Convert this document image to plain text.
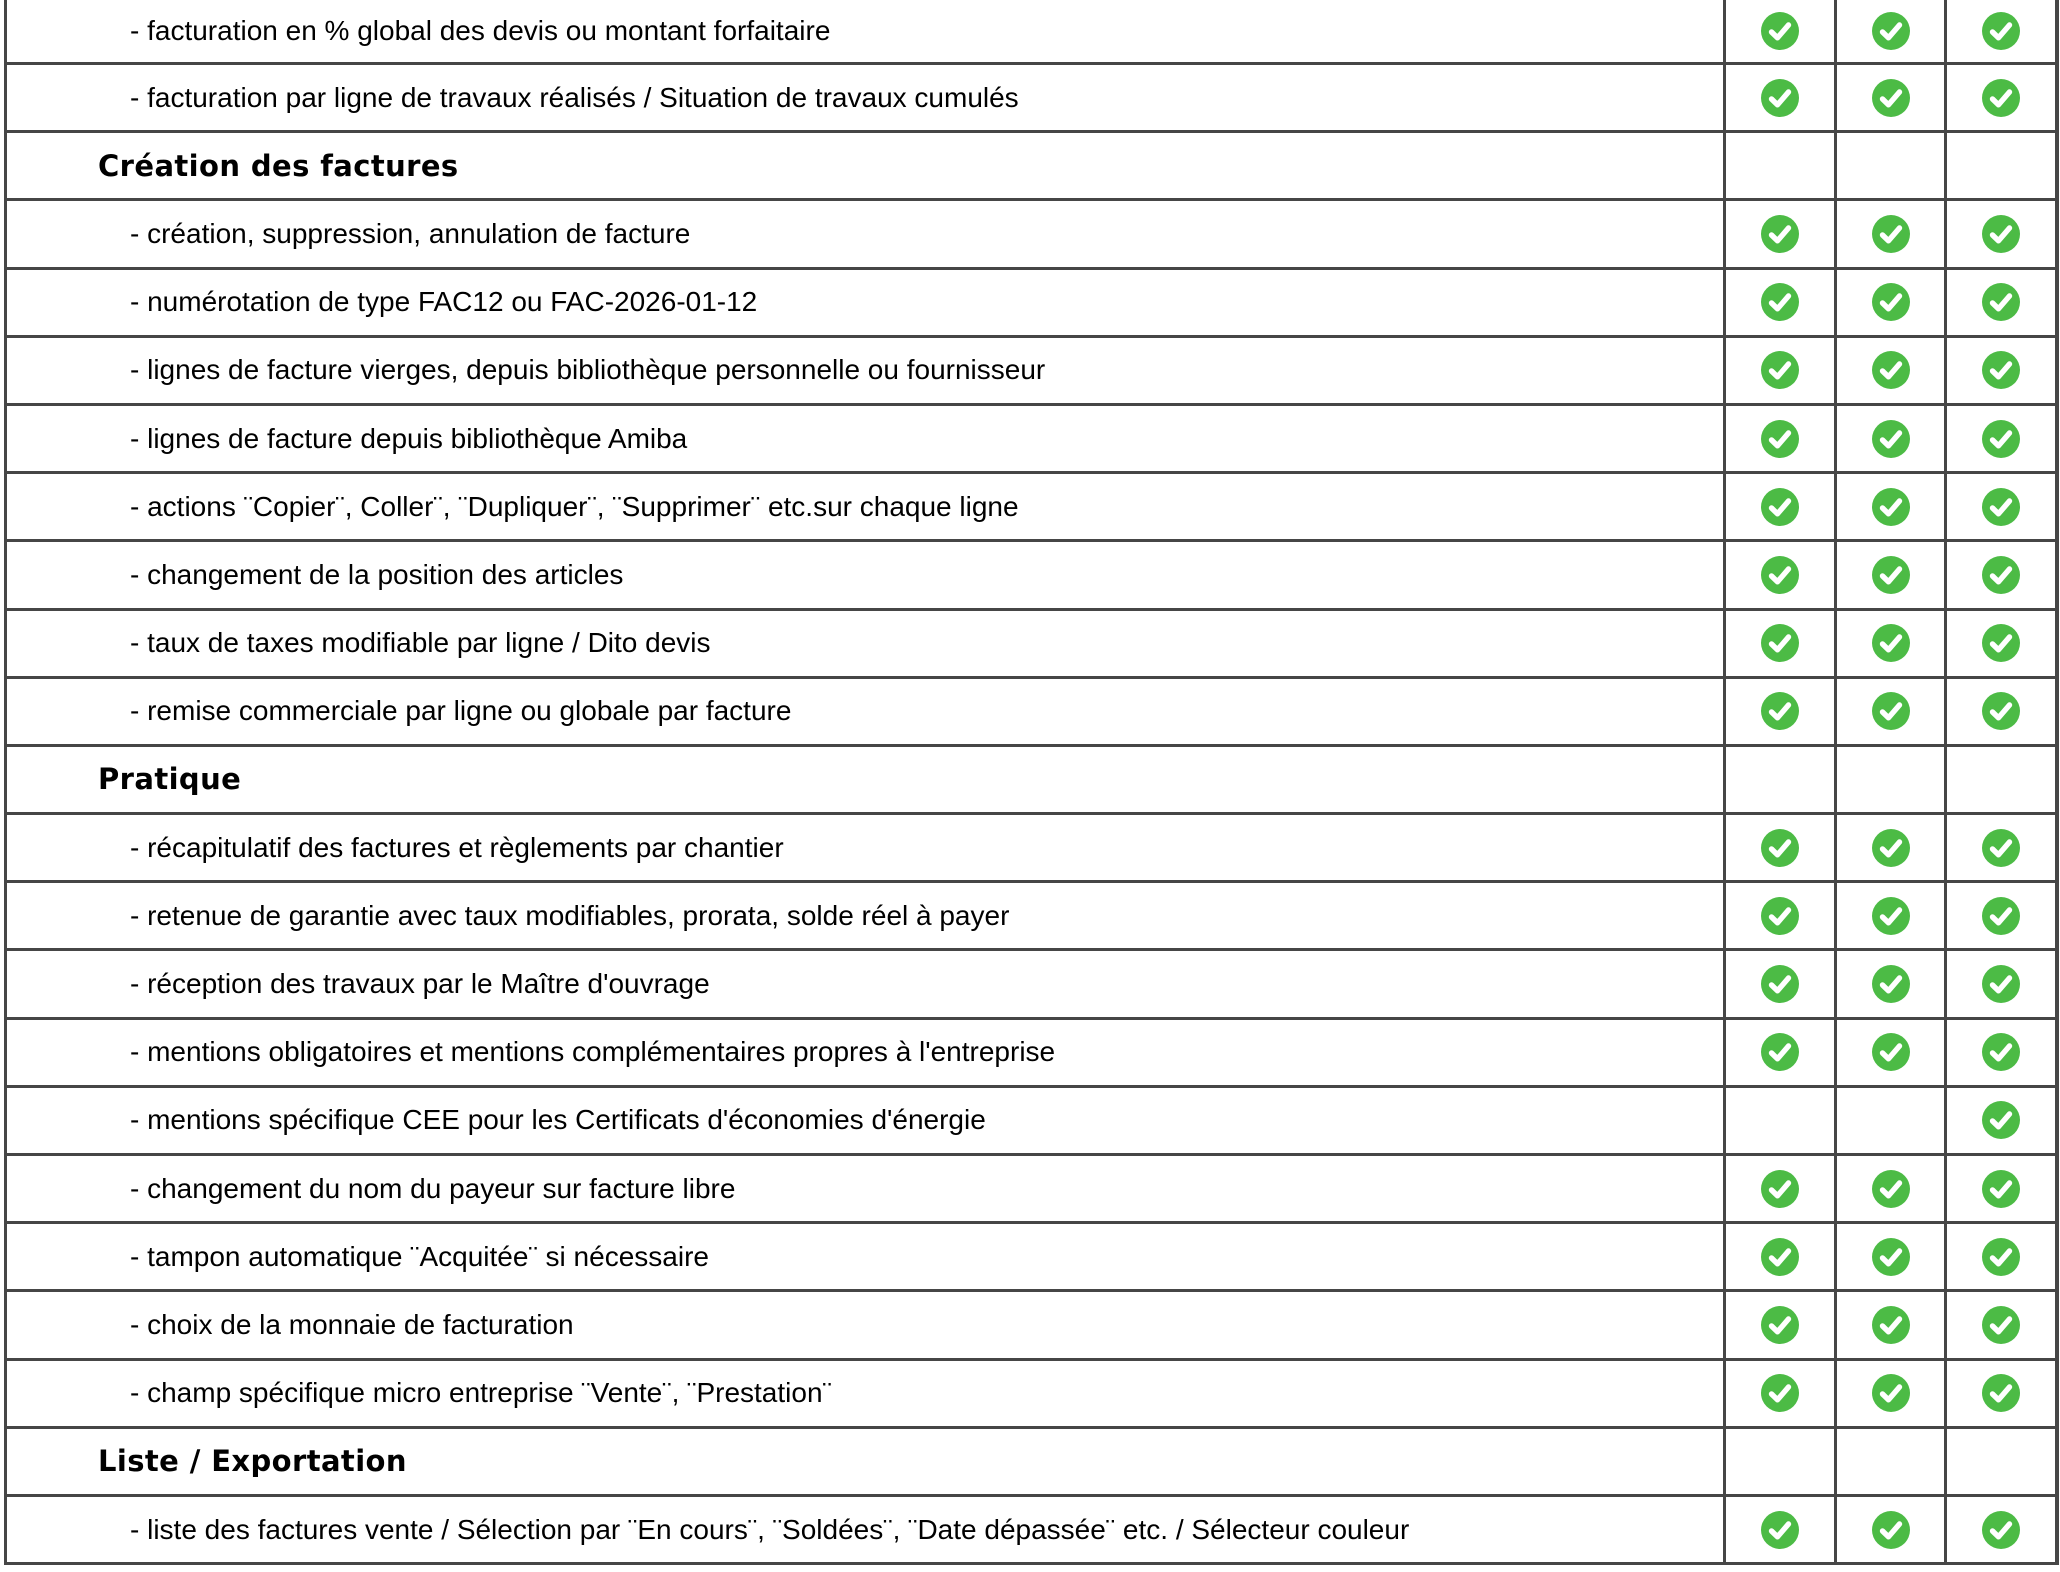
- facturation en % global des devis ou montant forfaitaire
- facturation par ligne de travaux réalisés / Situation de travaux cumulés
Création des factures
- création, suppression, annulation de facture
- numérotation de type FAC12 ou FAC-2026-01-12
- lignes de facture vierges, depuis bibliothèque personnelle ou fournisseur
- lignes de facture depuis bibliothèque Amiba
- actions ¨Copier¨, Coller¨, ¨Dupliquer¨, ¨Supprimer¨ etc.sur chaque ligne
- changement de la position des articles
- taux de taxes modifiable par ligne / Dito devis
- remise commerciale par ligne ou globale par facture
Pratique
- récapitulatif des factures et règlements par chantier
- retenue de garantie avec taux modifiables, prorata, solde réel à payer
- réception des travaux par le Maître d'ouvrage
- mentions obligatoires et mentions complémentaires propres à l'entreprise
- mentions spécifique CEE pour les Certificats d'économies d'énergie
- changement du nom du payeur sur facture libre
- tampon automatique ¨Acquitée¨ si nécessaire
- choix de la monnaie de facturation
- champ spécifique micro entreprise ¨Vente¨, ¨Prestation¨
Liste / Exportation
- liste des factures vente / Sélection par ¨En cours¨, ¨Soldées¨, ¨Date dépassée¨ etc. / Sélecteur couleur
